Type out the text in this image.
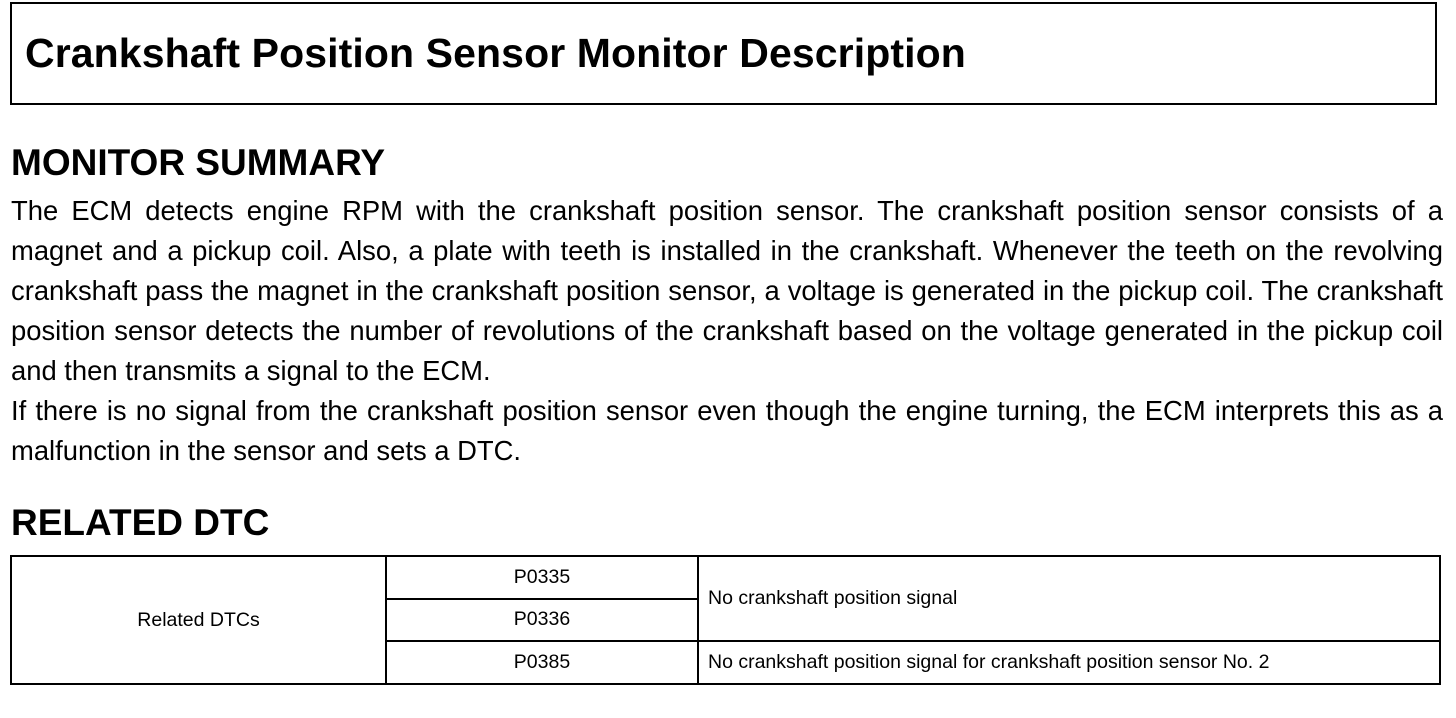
Crankshaft Position Sensor Monitor Description
MONITOR SUMMARY

The ECM detects engine RPM with the crankshaft position sensor. The crankshaft position sensor consists of a magnet and a pickup coil. Also, a plate with teeth is installed in the crankshaft. Whenever the teeth on the revolving crankshaft pass the magnet in the crankshaft position sensor, a voltage is generated in the pickup coil. The crankshaft position sensor detects the number of revolutions of the crankshaft based on the voltage generated in the pickup coil and then transmits a signal to the ECM.

If there is no signal from the crankshaft position sensor even though the engine turning, the ECM interprets this as a malfunction in the sensor and sets a DTC.

RELATED DTC
Related DTCs	P0335	No crankshaft position signal
	P0336	
	P0385	No crankshaft position signal for crankshaft position sensor No. 2
